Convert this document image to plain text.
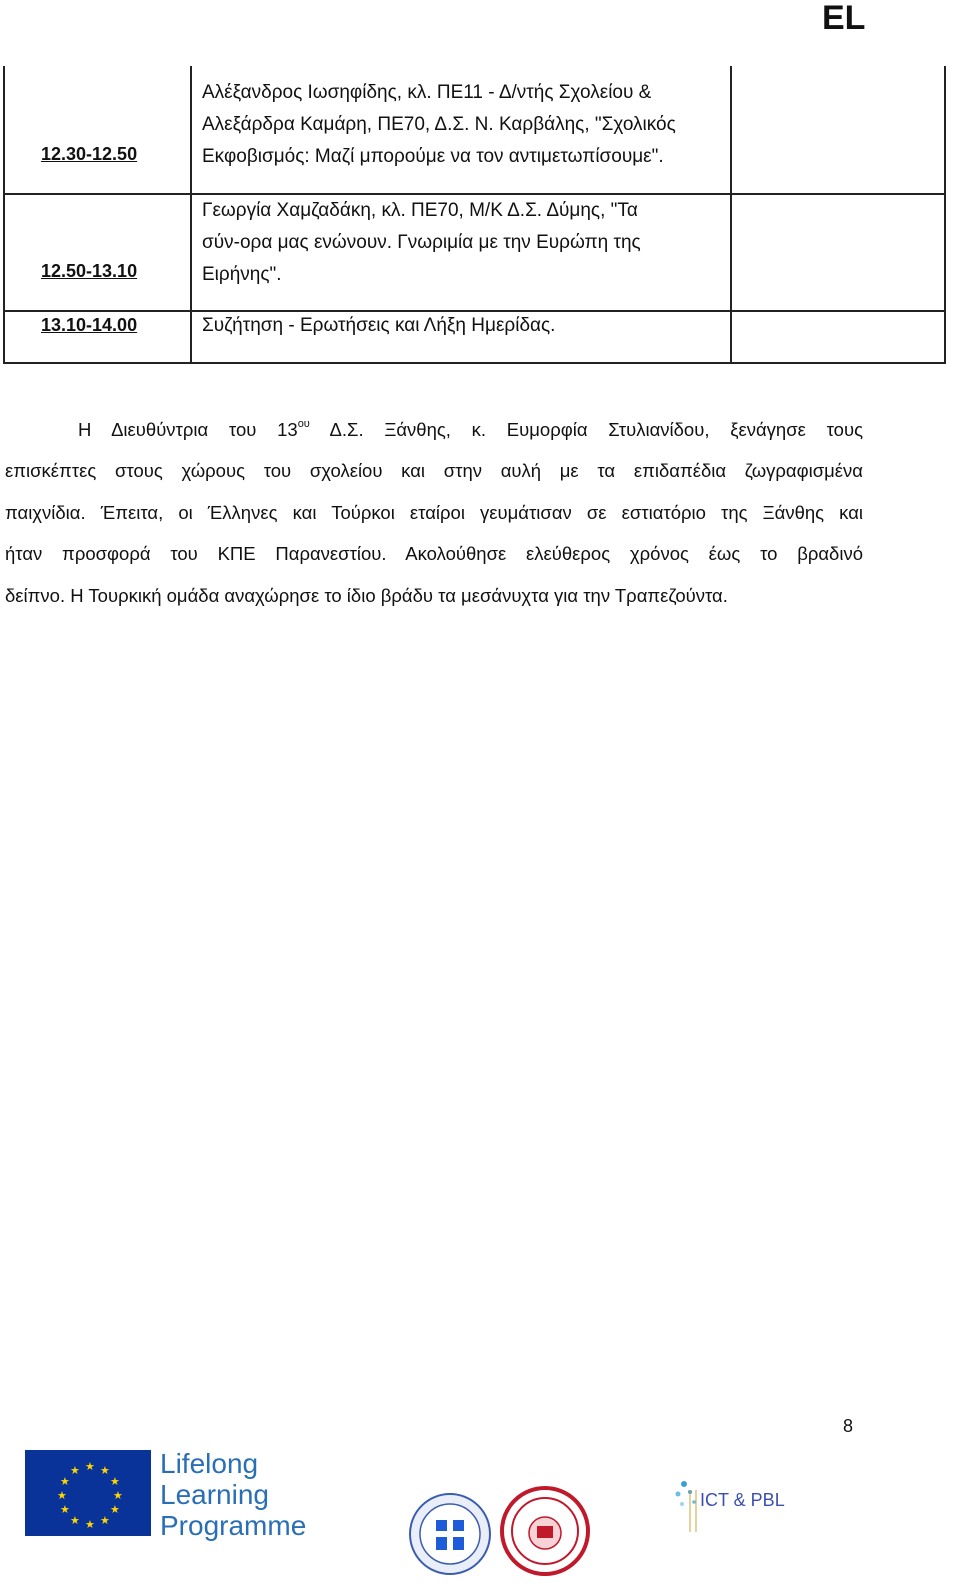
EL
12.30-12.50
Αλέξανδρος Ιωσηφίδης, κλ. ΠΕ11 - Δ/ντής Σχολείου &
Αλεξάρδρα Καμάρη, ΠΕ70, Δ.Σ. Ν. Καρβάλης, "Σχολικός
Εκφοβισμός: Μαζί μπορούμε να τον αντιμετωπίσουμε".
12.50-13.10
Γεωργία Χαμζαδάκη, κλ. ΠΕ70, Μ/Κ Δ.Σ. Δύμης, "Τα
σύν-ορα μας ενώνουν. Γνωριμία με την Ευρώπη της
Ειρήνης".
13.10-14.00	Συζήτηση - Ερωτήσεις και Λήξη Ημερίδας.
Η Διευθύντρια του $13^{o\upsilon}$ Δ.Σ. Ξάνθης, κ. Ευμορφία Στυλιανίδου, ξενάγησε τους
επισκέπτες στους χώρους του σχολείου και στην αυλή με τα επιδαπέδια ζωγραφισμένα
παιχνίδια. Έπειτα, οι Έλληνες και Τούρκοι εταίροι γευμάτισαν σε εστιατόριο της Ξάνθης και
ήταν προσφορά του ΚΠΕ Παρανεστίου. Ακολούθησε ελεύθερος χρόνος έως το βραδινό
δείπνο. Η Τουρκική ομάδα αναχώρησε το ίδιο βράδυ τα μεσάνυχτα για την Τραπεζούντα.
8
★ ★
★
★
★
★
★
★
★
★
★
★	Lifelong
Learning
Programme
ICT & PBL
